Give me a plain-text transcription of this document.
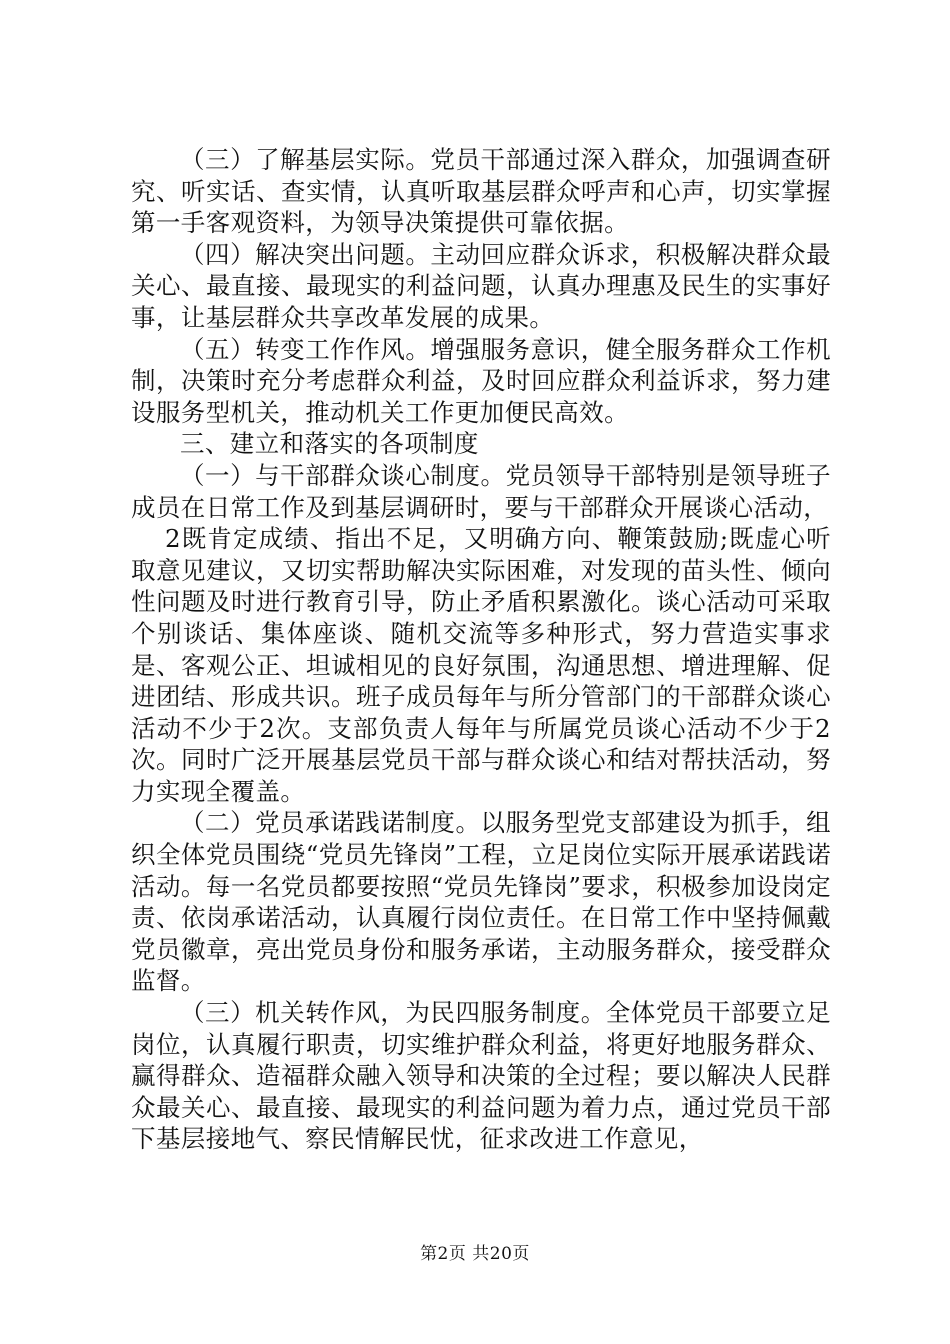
（三）了解基层实际。党员干部通过深入群众，加强调查研究、听实话、查实情，认真听取基层群众呼声和心声，切实掌握第一手客观资料，为领导决策提供可靠依据。

（四）解决突出问题。主动回应群众诉求，积极解决群众最关心、最直接、最现实的利益问题，认真办理惠及民生的实事好事，让基层群众共享改革发展的成果。

（五）转变工作作风。增强服务意识，健全服务群众工作机制，决策时充分考虑群众利益，及时回应群众利益诉求，努力建设服务型机关，推动机关工作更加便民高效。

三、建立和落实的各项制度

（一）与干部群众谈心制度。党员领导干部特别是领导班子成员在日常工作及到基层调研时，要与干部群众开展谈心活动，

2既肯定成绩、指出不足，又明确方向、鞭策鼓励;既虚心听取意见建议，又切实帮助解决实际困难，对发现的苗头性、倾向性问题及时进行教育引导，防止矛盾积累激化。谈心活动可采取个别谈话、集体座谈、随机交流等多种形式，努力营造实事求是、客观公正、坦诚相见的良好氛围，沟通思想、增进理解、促进团结、形成共识。班子成员每年与所分管部门的干部群众谈心活动不少于2次。支部负责人每年与所属党员谈心活动不少于2次。同时广泛开展基层党员干部与群众谈心和结对帮扶活动，努力实现全覆盖。

（二）党员承诺践诺制度。以服务型党支部建设为抓手，组织全体党员围绕“党员先锋岗”工程，立足岗位实际开展承诺践诺活动。每一名党员都要按照“党员先锋岗”要求，积极参加设岗定责、依岗承诺活动，认真履行岗位责任。在日常工作中坚持佩戴党员徽章，亮出党员身份和服务承诺，主动服务群众，接受群众监督。

（三）机关转作风，为民四服务制度。全体党员干部要立足岗位，认真履行职责，切实维护群众利益，将更好地服务群众、赢得群众、造福群众融入领导和决策的全过程；要以解决人民群众最关心、最直接、最现实的利益问题为着力点，通过党员干部下基层接地气、察民情解民忧，征求改进工作意见，

第2页 共20页
